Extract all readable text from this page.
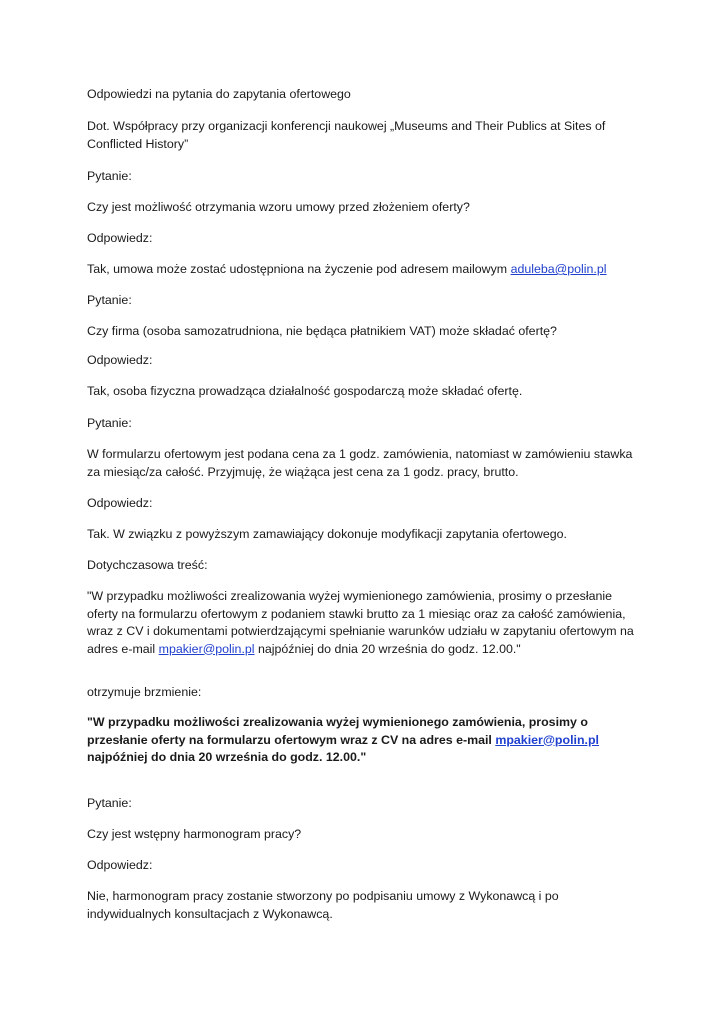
Odpowiedzi na pytania do zapytania ofertowego

Dot. Współpracy przy organizacji konferencji naukowej „Museums and Their Publics at Sites of Conflicted History”

Pytanie:

Czy jest możliwość otrzymania wzoru umowy przed złożeniem oferty?

Odpowiedz:

Tak, umowa może zostać udostępniona na życzenie pod adresem mailowym aduleba@polin.pl

Pytanie:

Czy firma (osoba samozatrudniona, nie będąca płatnikiem VAT) może składać ofertę?

Odpowiedz:

Tak, osoba fizyczna prowadząca działalność gospodarczą może składać ofertę.

Pytanie:

W formularzu ofertowym jest podana cena za 1 godz. zamówienia, natomiast w zamówieniu stawka za miesiąc/za całość. Przyjmuję, że wiążąca jest cena za 1 godz. pracy, brutto.

Odpowiedz:

Tak. W związku z powyższym zamawiający dokonuje modyfikacji zapytania ofertowego.

Dotychczasowa treść:

"W przypadku możliwości zrealizowania wyżej wymienionego zamówienia, prosimy o przesłanie oferty na formularzu ofertowym z podaniem stawki brutto za 1 miesiąc oraz za całość zamówienia, wraz z CV i dokumentami potwierdzającymi spełnianie warunków udziału w zapytaniu ofertowym na adres e-mail mpakier@polin.pl najpóźniej do dnia 20 września do godz. 12.00."

otrzymuje brzmienie:

"W przypadku możliwości zrealizowania wyżej wymienionego zamówienia, prosimy o przesłanie oferty na formularzu ofertowym wraz z CV na adres e-mail mpakier@polin.pl najpóźniej do dnia 20 września do godz. 12.00."

Pytanie:

Czy jest wstępny harmonogram pracy?

Odpowiedz:

Nie, harmonogram pracy zostanie stworzony po podpisaniu umowy z Wykonawcą i po indywidualnych konsultacjach z Wykonawcą.
